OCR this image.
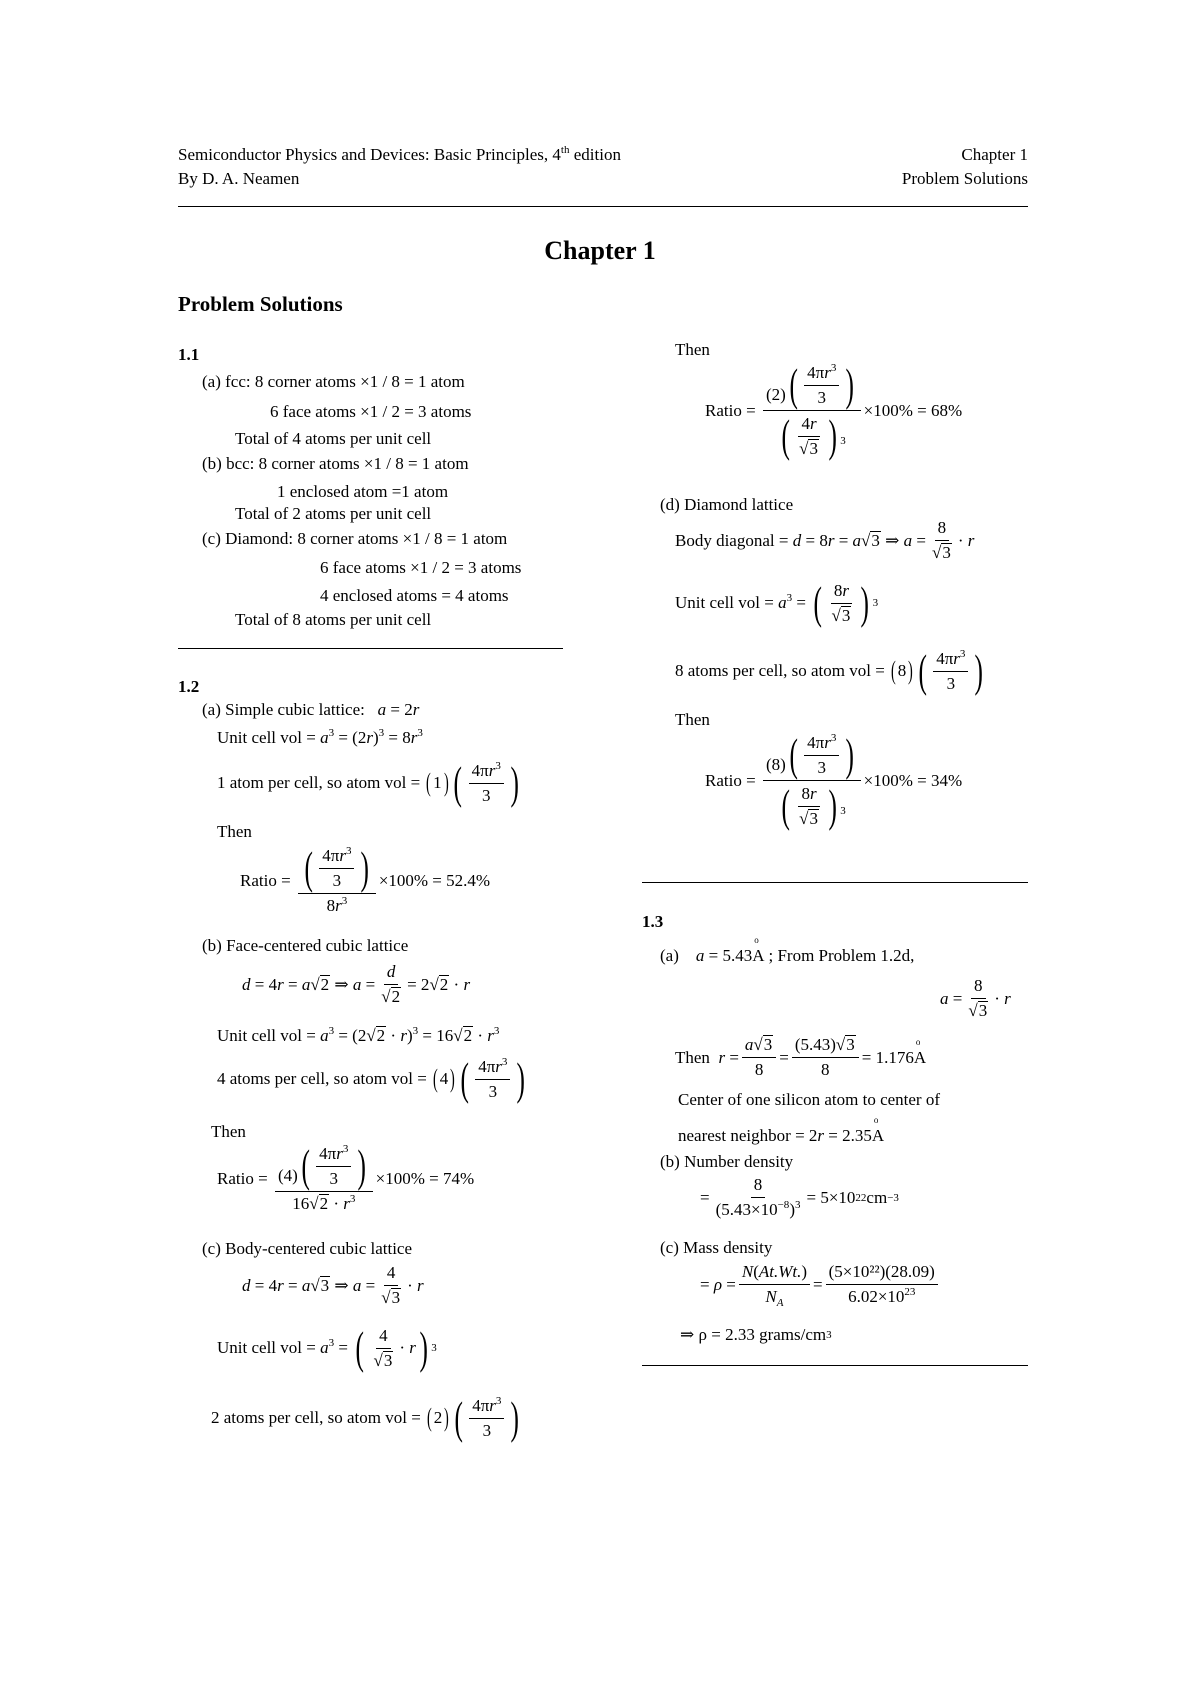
Semiconductor Physics and Devices: Basic Principles, 4th edition
By D. A. Neamen
Chapter 1
Problem Solutions
Chapter 1
Problem Solutions
1.1
(a) fcc: 8 corner atoms ×1 / 8 = 1 atom
6 face atoms ×1 / 2 = 3 atoms
Total of 4 atoms per unit cell
(b) bcc: 8 corner atoms ×1 / 8 = 1 atom
1 enclosed atom =1 atom
Total of 2 atoms per unit cell
(c) Diamond: 8 corner atoms ×1 / 8 = 1 atom
6 face atoms ×1 / 2 = 3 atoms
4 enclosed atoms = 4 atoms
Total of 8 atoms per unit cell
1.2
(a) Simple cubic lattice: a = 2r
Unit cell vol = $a^3 = (2r)^3 = 8r^3$
1 atom per cell, so atom vol = ( 1 ) ( $\frac{4\pi r^3}{3}$ )
Then
Ratio = $\frac{( \frac{4\pi r^3}{3} )}{8r^3} \times 100\% = 52.4\%$
(b) Face-centered cubic lattice
d = 4r = a √ 2 ⇒ $a = \frac{d}{√ 2} = 2$ √ 2 · r
Unit cell vol = $a^3 = (2$ √ 2 · r)$^3$ = 16 √ $2 \cdot r^3$
4 atoms per cell, so atom vol = ( 4 ) ( $\frac{4\pi r^3}{3}$ )
Then
Ratio = $\frac{(4) ( \frac{4\pi r^3}{3} )}{16 √ 2 \cdot r^3} \times 100\% = 74\%$
(c) Body-centered cubic lattice
d = 4r = a √ 3 ⇒ $a = \frac{4}{√ 3} \cdot r$
Unit cell vol = $a^3$ = ( $\frac{4}{√ 3} \cdot r$ ) 3
2 atoms per cell, so atom vol = ( 2 ) ( $\frac{4\pi r^3}{3}$ )
Then
Ratio = $\frac{(2) ( \frac{4\pi r^3}{3} )}{( \frac{4r}{√ 3} ) ^3} \times 100\% = 68\%$
(d) Diamond lattice
Body diagonal = d = 8r = a √ 3 ⇒ $a = \frac{8}{√ 3} \cdot r$
Unit cell vol = $a^3$ = ( $\frac{8r}{√ 3}$ ) 3
8 atoms per cell, so atom vol = ( 8 ) ( $\frac{4\pi r^3}{3}$ )
Then
Ratio = $\frac{(8) ( \frac{4\pi r^3}{3} )}{( \frac{8r}{√ 3} ) ^3} \times 100\% = 34\%$
1.3
(a)	a = 5.43 o A ; From Problem 1.2d,
$a = \frac{8}{√ 3} \cdot r$
Then $r = \frac{a √ 3}{8} = \frac{(5.43) √ 3}{8} = 1.176$ o A
Center of one silicon atom to center of
nearest neighbor = 2r = 2.35 o A
(b) Number density
= $\frac{8}{(5.43\times 10^{-8})^3} = 5\times 10$ 22 cm −3
(c) Mass density
= $\rho = \frac{N(At.Wt.)}{N_A} = \frac{\text{(5×10²²)(28.09)}}{6.02\times 10^{23}}$
⇒ ρ = 2.33 grams/cm 3
